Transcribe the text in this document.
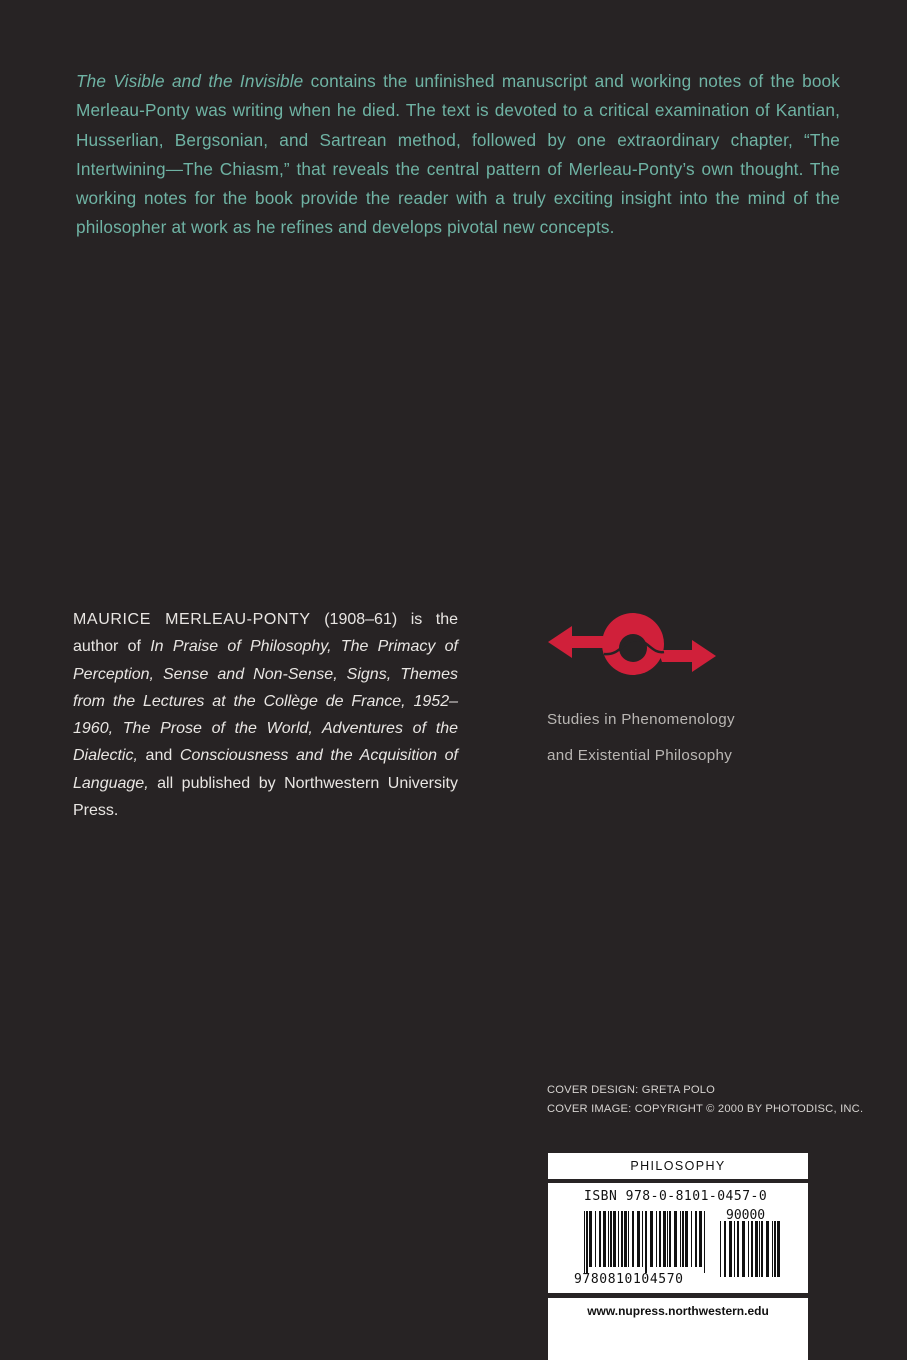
The Visible and the Invisible contains the unfinished manuscript and working notes of the book Merleau-Ponty was writing when he died. The text is devoted to a critical examination of Kantian, Husserlian, Bergsonian, and Sartrean method, followed by one extraordinary chapter, “The Intertwining—The Chiasm,” that reveals the central pattern of Merleau-Ponty’s own thought. The working notes for the book provide the reader with a truly exciting insight into the mind of the philosopher at work as he refines and develops pivotal new concepts.

MAURICE MERLEAU-PONTY (1908–61) is the author of In Praise of Philosophy, The Primacy of Perception, Sense and Non-Sense, Signs, Themes from the Lectures at the Collège de France, 1952–1960, The Prose of the World, Adventures of the Dialectic, and Consciousness and the Acquisition of Language, all published by Northwestern University Press.

Studies in Phenomenology

and Existential Philosophy

COVER DESIGN: GRETA POLO
COVER IMAGE: COPYRIGHT © 2000 BY PHOTODISC, INC.
PHILOSOPHY
90000
9780810104570
ISBN 978-0-8101-0457-0
www.nupress.northwestern.edu
